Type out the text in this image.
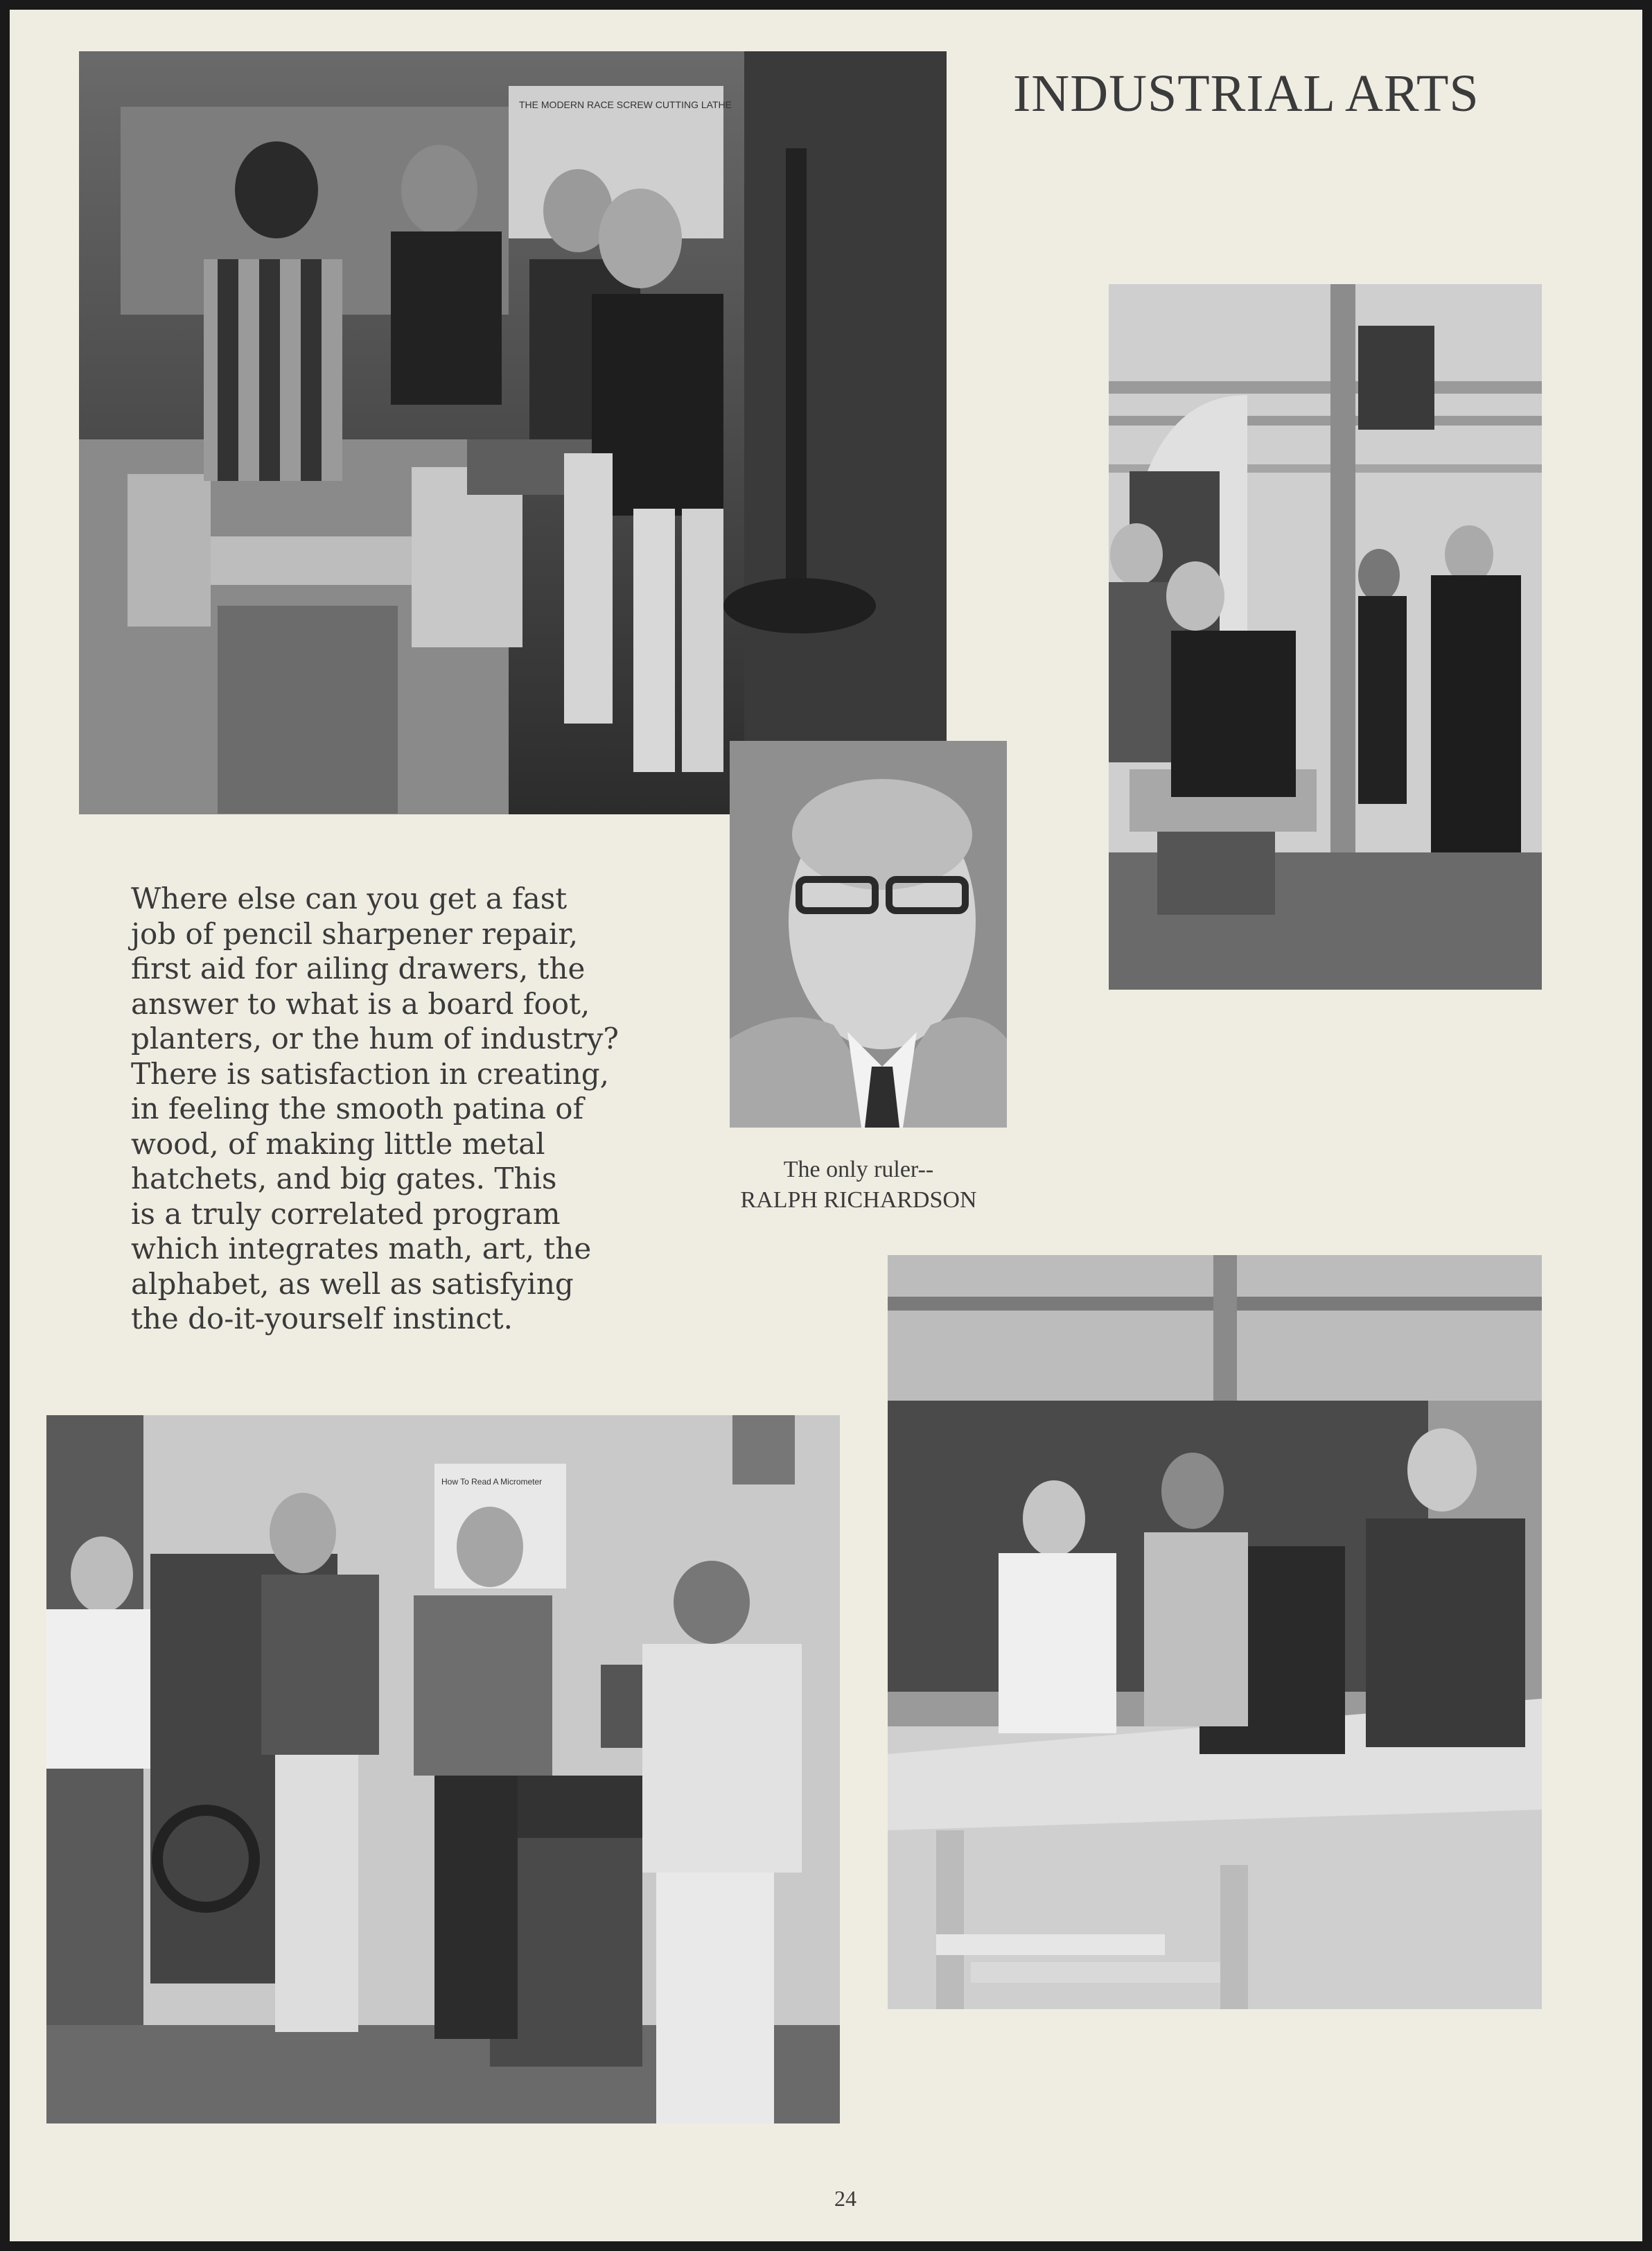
INDUSTRIAL ARTS
THE MODERN RACE SCREW CUTTING LATHE
Where else can you get a fast
job of pencil sharpener repair,
first aid for ailing drawers, the
answer to what is a board foot,
planters, or the hum of industry?
There is satisfaction in creating,
in feeling the smooth patina of
wood, of making little metal
hatchets, and big gates. This
is a truly correlated program
which integrates math, art, the
alphabet, as well as satisfying
the do-it-yourself instinct.
The only ruler--
RALPH RICHARDSON
How To Read A Micrometer
24
